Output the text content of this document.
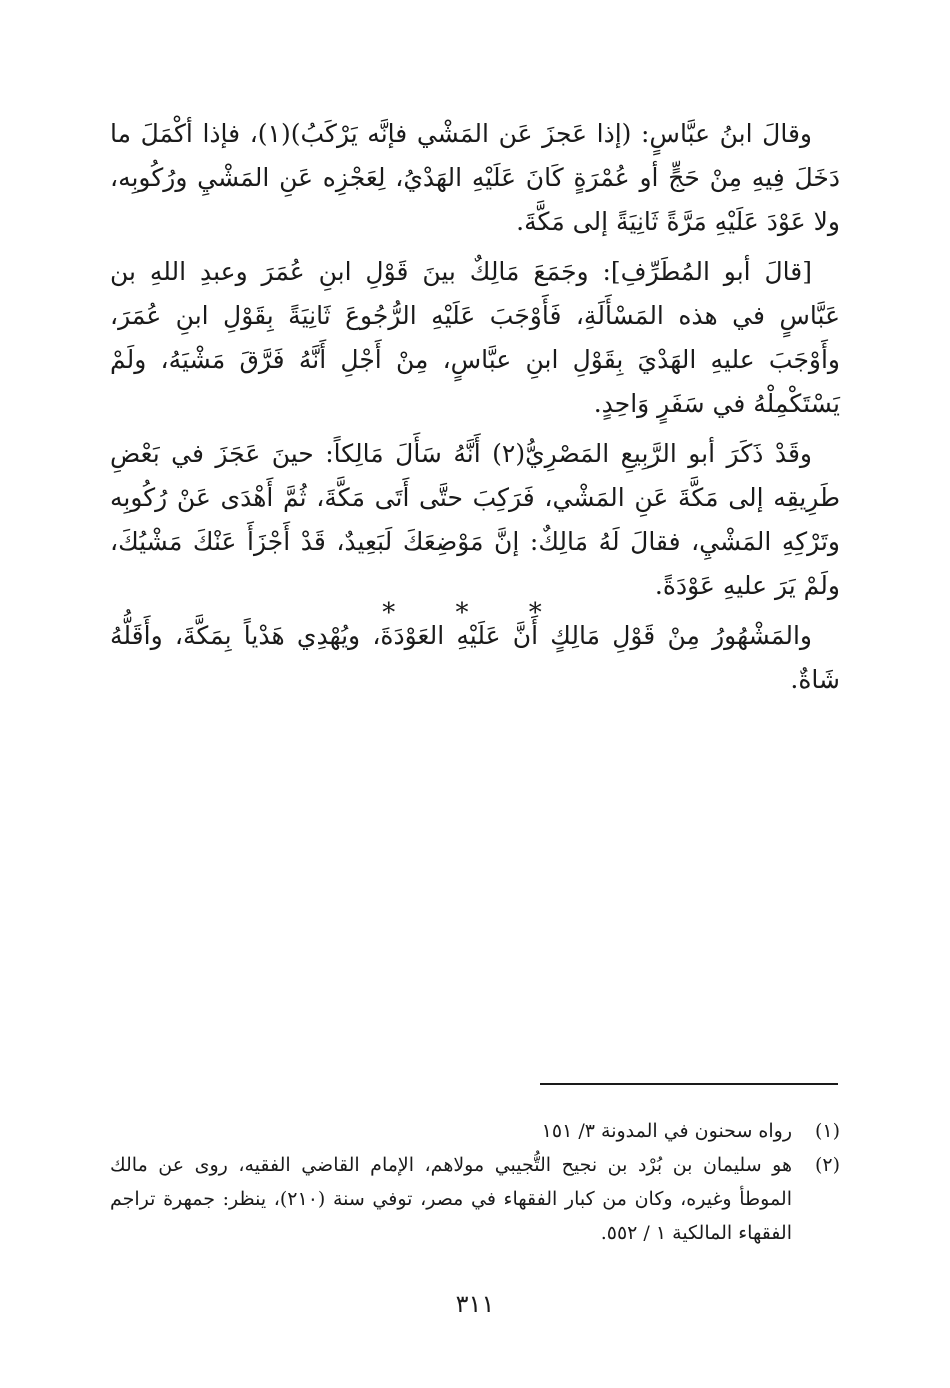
وقالَ ابنُ عبَّاسٍ: (إذا عَجزَ عَن المَشْي فإنَّه يَرْكَبُ)(١)، فإذا أكْمَلَ ما دَخَلَ فِيهِ مِنْ حَجٍّ أو عُمْرَةٍ كَانَ عَلَيْهِ الهَدْيُ، لِعَجْزِه عَنِ المَشْيِ ورُكُوبِه، ولا عَوْدَ عَلَيْهِ مَرَّةً ثَانِيَةً إلى مَكَّةَ.

[قالَ أبو المُطَرِّفِ]: وجَمَعَ مَالِكٌ بينَ قَوْلِ ابنِ عُمَرَ وعبدِ اللهِ بن عَبَّاسٍ في هذه المَسْأَلَةِ، فَأَوْجَبَ عَلَيْهِ الرُّجُوعَ ثَانِيَةً بِقَوْلِ ابنِ عُمَرَ، وأَوْجَبَ عليهِ الهَدْيَ بِقَوْلِ ابنِ عبَّاسٍ، مِنْ أَجْلِ أَنَّهُ فَرَّقَ مَشْيَهُ، ولَمْ يَسْتَكْمِلْهُ في سَفَرٍ وَاحِدٍ.

وقَدْ ذَكَرَ أبو الرَّبِيعِ المَصْرِيُّ(٢) أَنَّهُ سَأَلَ مَالِكاً: حينَ عَجَزَ في بَعْضِ طَرِيقِه إلى مَكَّةَ عَنِ المَشْي، فَرَكِبَ حتَّى أَتَى مَكَّةَ، ثُمَّ أَهْدَى عَنْ رُكُوبِه وتَرْكِهِ المَشْيِ، فقالَ لَهُ مَالِكٌ: إنَّ مَوْضِعَكَ لَبَعِيدٌ، قَدْ أَجْزَأَ عَنْكَ مَشْيُكَ، ولَمْ يَرَ عليهِ عَوْدَةً.

والمَشْهُورُ مِنْ قَوْلِ مَالِكٍ أَنَّ عَلَيْهِ العَوْدَةَ، ويُهْدِي هَدْياً بِمَكَّةَ، وأَقَلُّهُ شَاةٌ.

* * *
(١)
رواه سحنون في المدونة ٣/ ١٥١
(٢)
هو سليمان بن بُرْد بن نجيح التُّجيبي مولاهم، الإمام القاضي الفقيه، روى عن مالك الموطأ وغيره، وكان من كبار الفقهاء في مصر، توفي سنة (٢١٠)، ينظر: جمهرة تراجم الفقهاء المالكية ١ / ٥٥٢.
٣١١
